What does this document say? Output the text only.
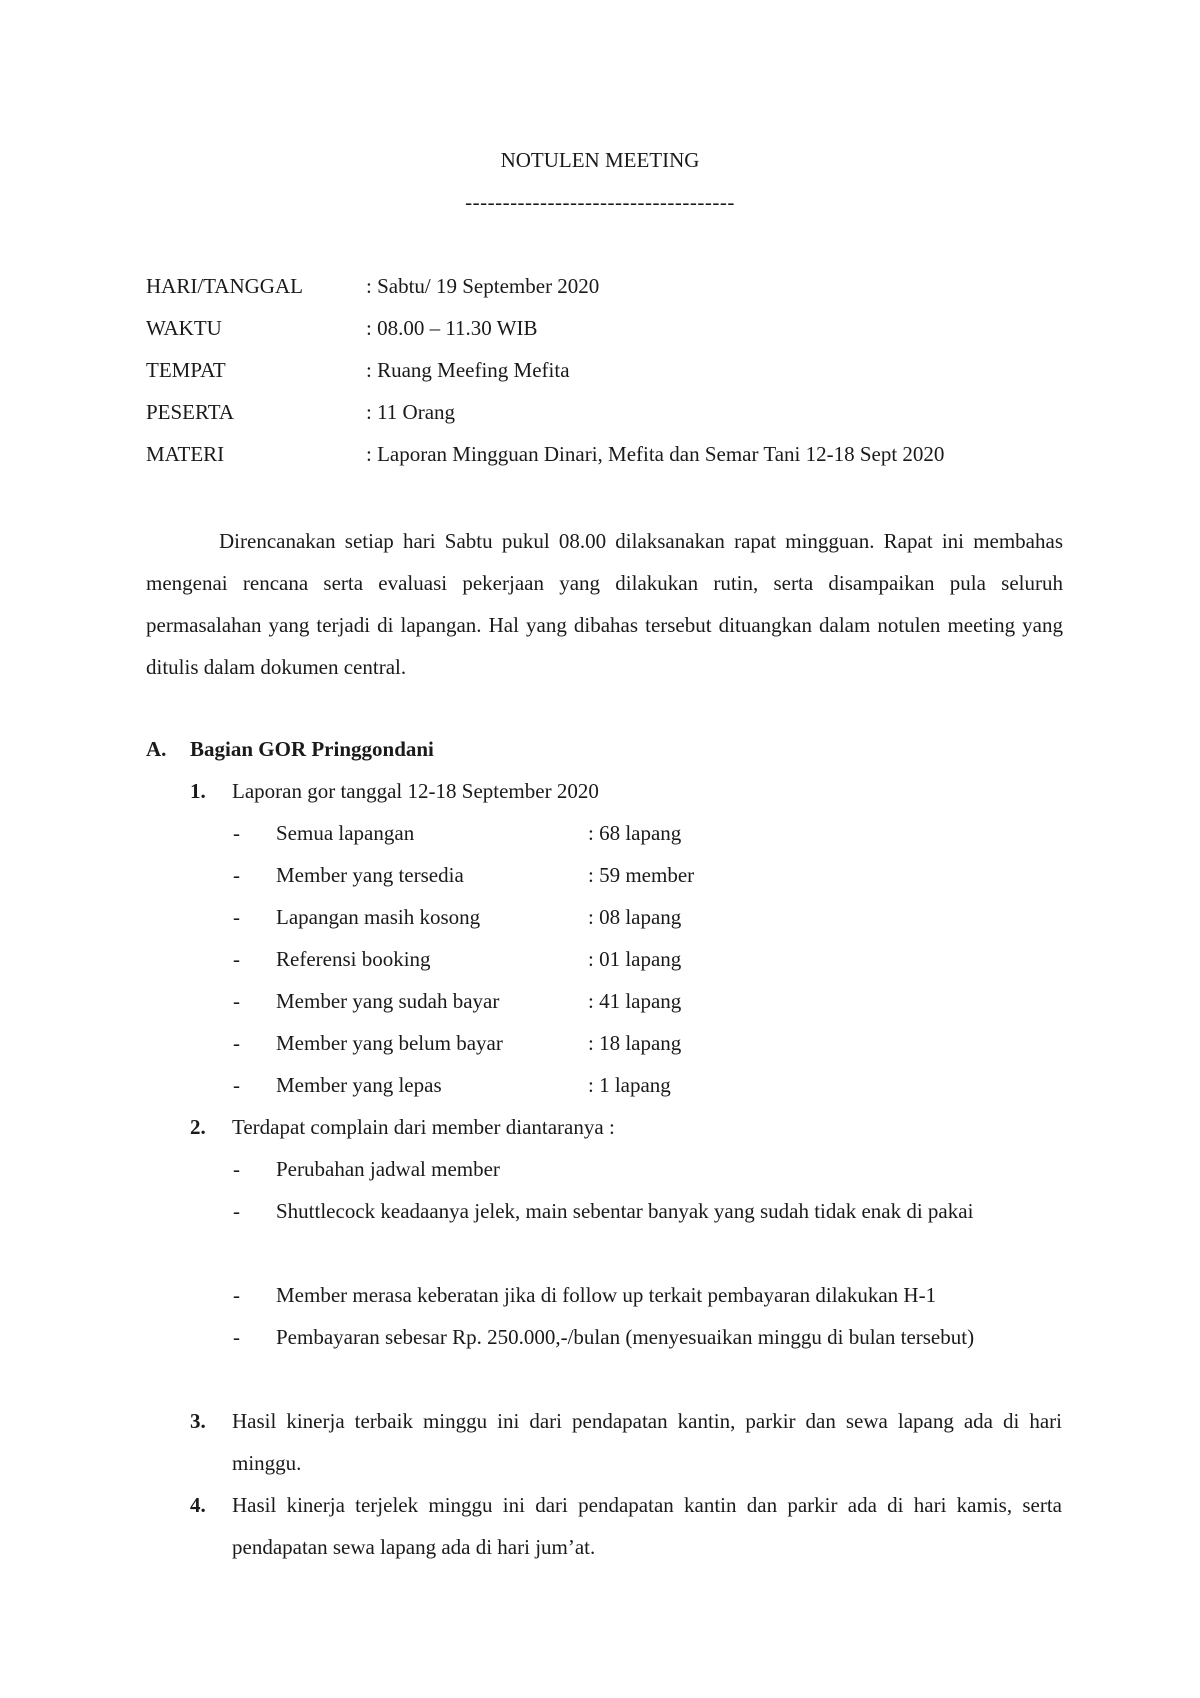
NOTULEN MEETING
------------------------------------
HARI/TANGGAL	: Sabtu/ 19 September 2020
WAKTU	: 08.00 – 11.30 WIB
TEMPAT	: Ruang Meefing Mefita
PESERTA	: 11 Orang
MATERI	: Laporan Mingguan Dinari, Mefita dan Semar Tani 12-18 Sept 2020

Direncanakan setiap hari Sabtu pukul 08.00 dilaksanakan rapat mingguan. Rapat ini membahas mengenai rencana serta evaluasi pekerjaan yang dilakukan rutin, serta disampaikan pula seluruh permasalahan yang terjadi di lapangan. Hal yang dibahas tersebut dituangkan dalam notulen meeting yang ditulis dalam dokumen central.

A. Bagian GOR Pringgondani
1. Laporan gor tanggal 12-18 September 2020
- Semua lapangan	: 68 lapang
- Member yang tersedia	: 59 member
- Lapangan masih kosong	: 08 lapang
- Referensi booking	: 01 lapang
- Member yang sudah bayar	: 41 lapang
- Member yang belum bayar	: 18 lapang
- Member yang lepas	: 1 lapang
2. Terdapat complain dari member diantaranya :
- Perubahan jadwal member
- Shuttlecock keadaanya jelek, main sebentar banyak yang sudah tidak enak di pakai

- Member merasa keberatan jika di follow up terkait pembayaran dilakukan H-1
- Pembayaran sebesar Rp. 250.000,-/bulan (menyesuaikan minggu di bulan tersebut)

3. Hasil kinerja terbaik minggu ini dari pendapatan kantin, parkir dan sewa lapang ada di hari minggu.

4. Hasil kinerja terjelek minggu ini dari pendapatan kantin dan parkir ada di hari kamis, serta pendapatan sewa lapang ada di hari jum’at.
